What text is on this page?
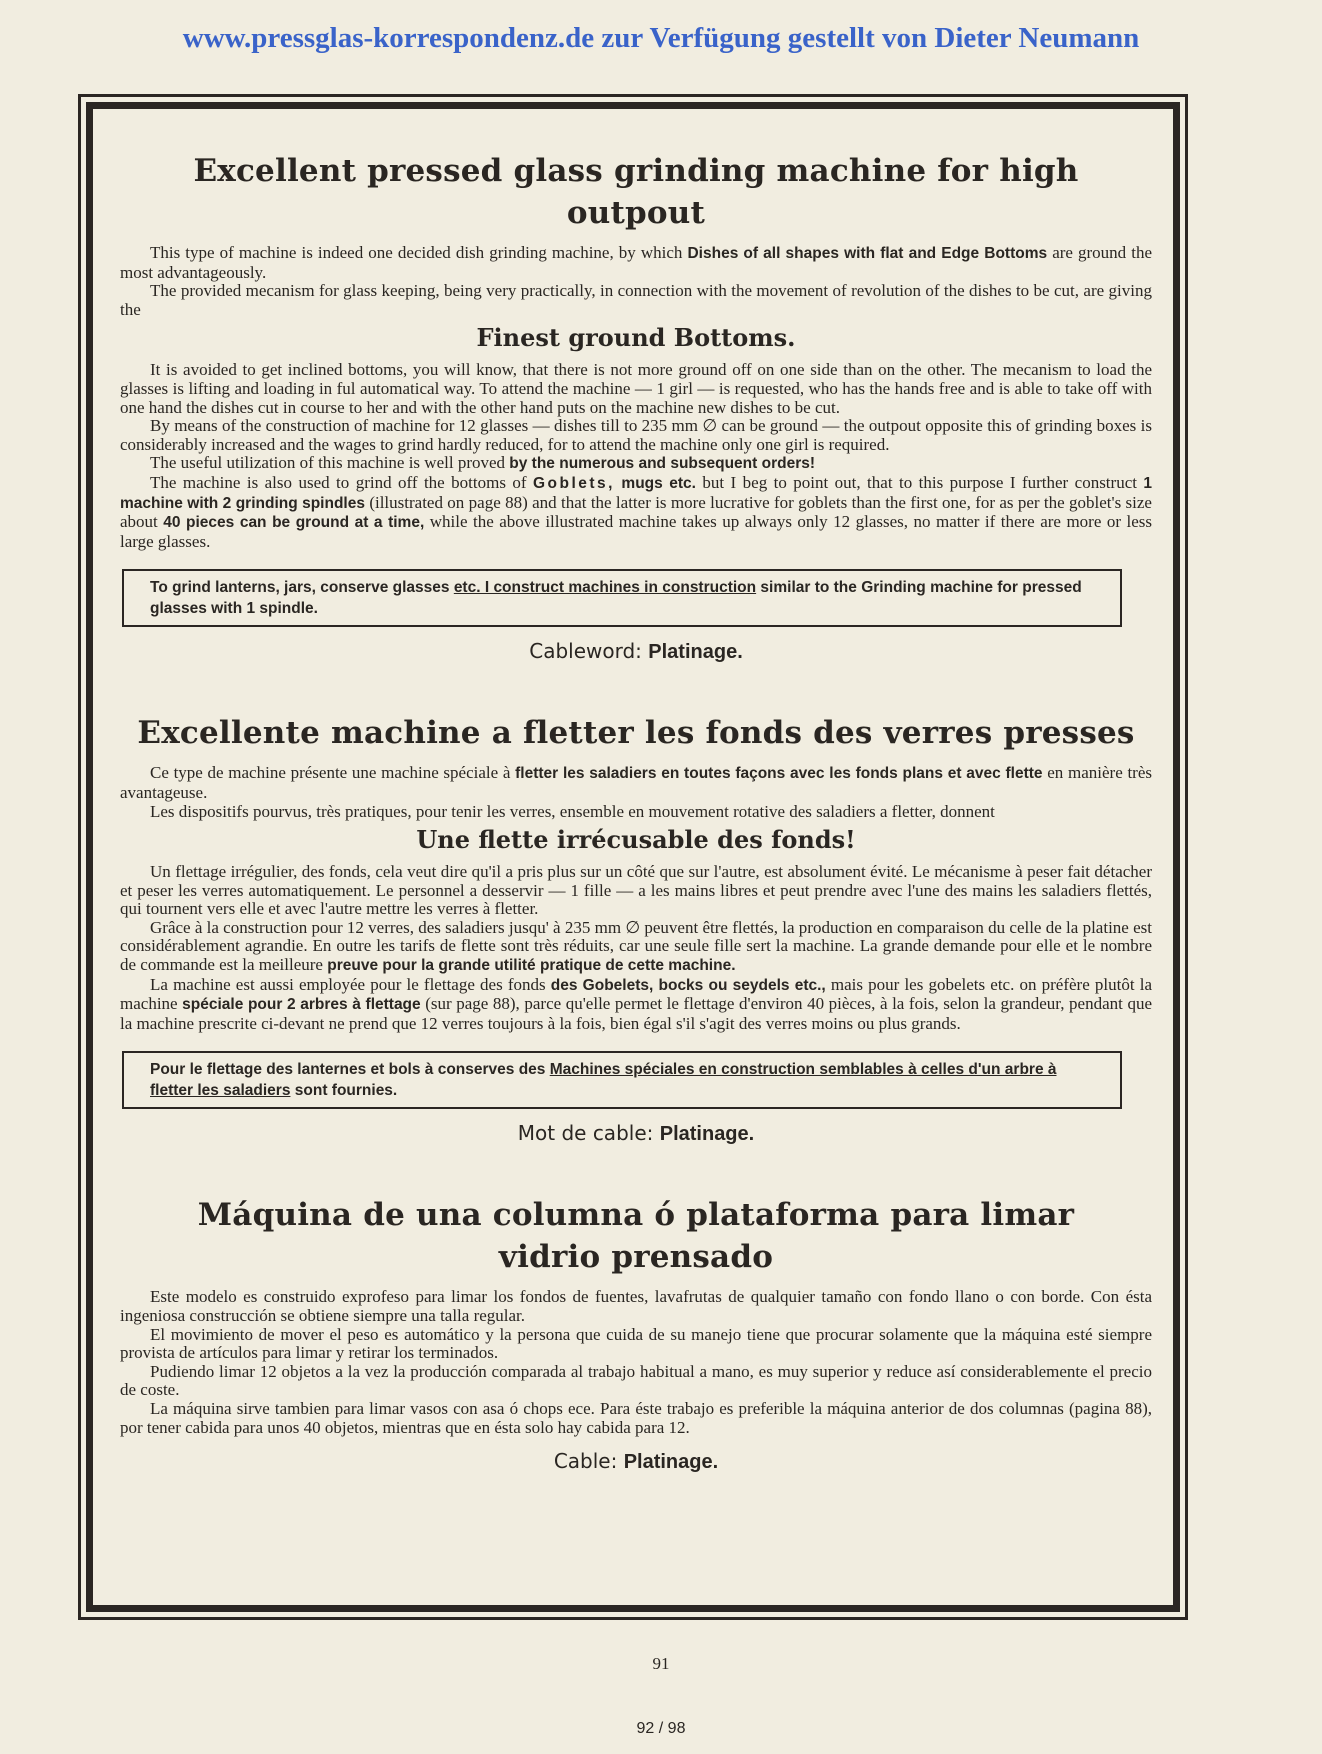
www.pressglas-korrespondenz.de zur Verfügung gestellt von Dieter Neumann
Excellent pressed glass grinding machine for high outpout

This type of machine is indeed one decided dish grinding machine, by which Dishes of all shapes with flat and Edge Bottoms are ground the most advantageously.

The provided mecanism for glass keeping, being very practically, in connection with the movement of revolution of the dishes to be cut, are giving the

Finest ground Bottoms.

It is avoided to get inclined bottoms, you will know, that there is not more ground off on one side than on the other. The mecanism to load the glasses is lifting and loading in ful automatical way. To attend the machine — 1 girl — is requested, who has the hands free and is able to take off with one hand the dishes cut in course to her and with the other hand puts on the machine new dishes to be cut.

By means of the construction of machine for 12 glasses — dishes till to 235 mm ∅ can be ground — the outpout opposite this of grinding boxes is considerably increased and the wages to grind hardly reduced, for to attend the machine only one girl is required.

The useful utilization of this machine is well proved by the numerous and subsequent orders!

The machine is also used to grind off the bottoms of Goblets, mugs etc. but I beg to point out, that to this purpose I further construct 1 machine with 2 grinding spindles (illustrated on page 88) and that the latter is more lucrative for goblets than the first one, for as per the goblet's size about 40 pieces can be ground at a time, while the above illustrated machine takes up always only 12 glasses, no matter if there are more or less large glasses.

To grind lanterns, jars, conserve glasses etc. I construct machines in construction similar to the Grinding machine for pressed glasses with 1 spindle.
Cableword: Platinage.
Excellente machine a fletter les fonds des verres presses

Ce type de machine présente une machine spéciale à fletter les saladiers en toutes façons avec les fonds plans et avec flette en manière très avantageuse.

Les dispositifs pourvus, très pratiques, pour tenir les verres, ensemble en mouvement rotative des saladiers a fletter, donnent

Une flette irrécusable des fonds!

Un flettage irrégulier, des fonds, cela veut dire qu'il a pris plus sur un côté que sur l'autre, est absolument évité. Le mécanisme à peser fait détacher et peser les verres automatiquement. Le personnel a desservir — 1 fille — a les mains libres et peut prendre avec l'une des mains les saladiers flettés, qui tournent vers elle et avec l'autre mettre les verres à fletter.

Grâce à la construction pour 12 verres, des saladiers jusqu' à 235 mm ∅ peuvent être flettés, la production en comparaison du celle de la platine est considérablement agrandie. En outre les tarifs de flette sont très réduits, car une seule fille sert la machine. La grande demande pour elle et le nombre de commande est la meilleure preuve pour la grande utilité pratique de cette machine.

La machine est aussi employée pour le flettage des fonds des Gobelets, bocks ou seydels etc., mais pour les gobelets etc. on préfère plutôt la machine spéciale pour 2 arbres à flettage (sur page 88), parce qu'elle permet le flettage d'environ 40 pièces, à la fois, selon la grandeur, pendant que la machine prescrite ci-devant ne prend que 12 verres toujours à la fois, bien égal s'il s'agit des verres moins ou plus grands.

Pour le flettage des lanternes et bols à conserves des Machines spéciales en construction semblables à celles d'un arbre à fletter les saladiers sont fournies.
Mot de cable: Platinage.
Máquina de una columna ó plataforma para limar
vidrio prensado

Este modelo es construido exprofeso para limar los fondos de fuentes, lavafrutas de qualquier tamaño con fondo llano o con borde. Con ésta ingeniosa construcción se obtiene siempre una talla regular.

El movimiento de mover el peso es automático y la persona que cuida de su manejo tiene que procurar solamente que la máquina esté siempre provista de artículos para limar y retirar los terminados.

Pudiendo limar 12 objetos a la vez la producción comparada al trabajo habitual a mano, es muy superior y reduce así considerablemente el precio de coste.

La máquina sirve tambien para limar vasos con asa ó chops ece. Para éste trabajo es preferible la máquina anterior de dos columnas (pagina 88), por tener cabida para unos 40 objetos, mientras que en ésta solo hay cabida para 12.

Cable: Platinage.
91
92 / 98
